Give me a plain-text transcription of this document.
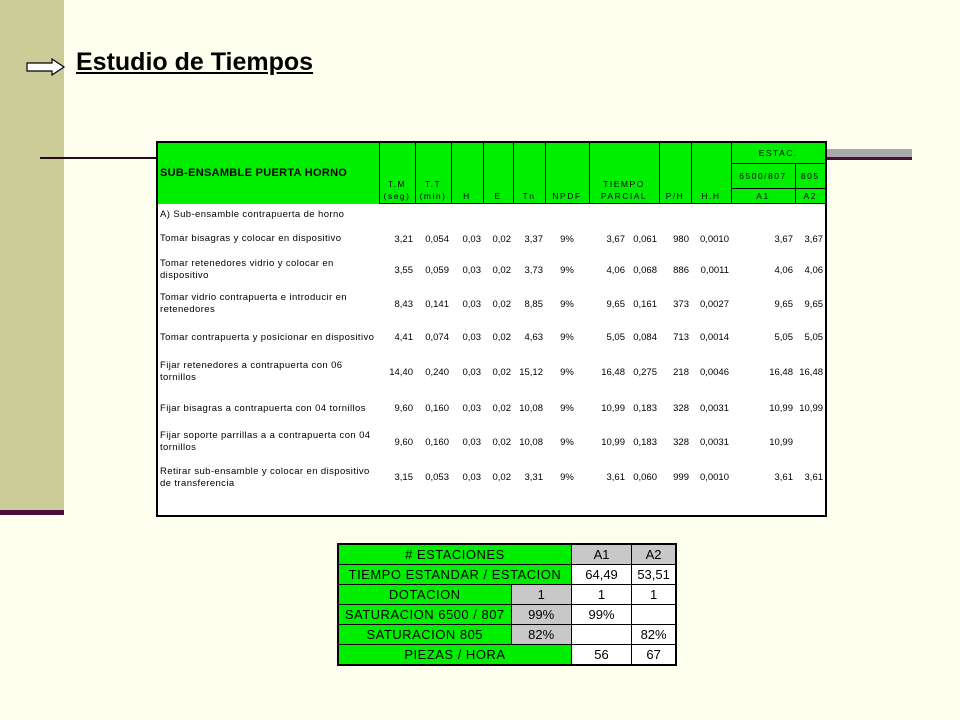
Estudio de Tiempos
SUB-ENSAMBLE PUERTA HORNO	T.M	T.T					TIEMPO				ESTAC.	
											6500/807	805
	(seg)	(min)	H	E	Tn	NPDF	PARCIAL		P/H	H.H	A1	A2
A) Sub-ensamble contrapuerta de horno												
Tomar bisagras y colocar en dispositivo	3,21	0,054	0,03	0,02	3,37	9%	3,67	0,061	980	0,0010	3,67	3,67
Tomar retenedores vidrio y colocar en dispositivo	3,55	0,059	0,03	0,02	3,73	9%	4,06	0,068	886	0,0011	4,06	4,06
Tomar vidrio contrapuerta e introducir en retenedores	8,43	0,141	0,03	0,02	8,85	9%	9,65	0,161	373	0,0027	9,65	9,65
Tomar contrapuerta y posicionar en dispositivo	4,41	0,074	0,03	0,02	4,63	9%	5,05	0,084	713	0,0014	5,05	5,05
Fijar retenedores a contrapuerta con 06 tornillos	14,40	0,240	0,03	0,02	15,12	9%	16,48	0,275	218	0,0046	16,48	16,48
Fijar bisagras a contrapuerta con 04 tornillos	9,60	0,160	0,03	0,02	10,08	9%	10,99	0,183	328	0,0031	10,99	10,99
Fijar soporte parrillas a a contrapuerta con 04 tornillos	9,60	0,160	0,03	0,02	10,08	9%	10,99	0,183	328	0,0031	10,99	
Retirar sub-ensamble y colocar en dispositivo de transferencia	3,15	0,053	0,03	0,02	3,31	9%	3,61	0,060	999	0,0010	3,61	3,61

# ESTACIONES		A1	A2
TIEMPO ESTANDAR / ESTACION		64,49	53,51
DOTACION	1	1	1
SATURACION 6500 / 807	99%	99%	
SATURACION 805	82%		82%
PIEZAS / HORA		56	67
